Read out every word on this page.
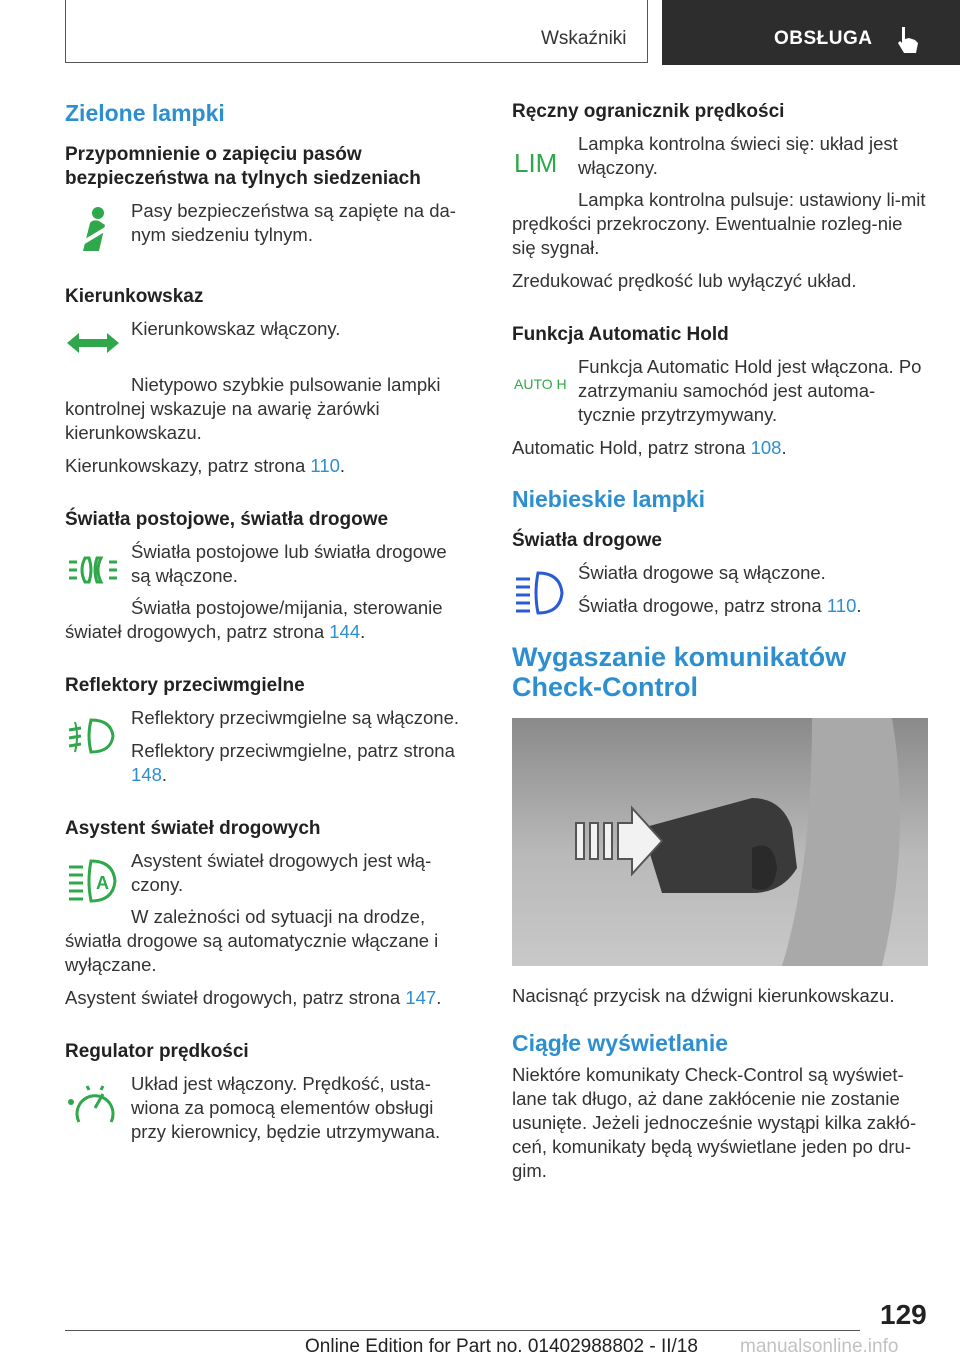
Wskaźniki	OBSŁUGA
Zielone lampki
Przypomnienie o zapięciu pasów bezpieczeństwa na tylnych siedzeniach

Pasy bezpieczeństwa są zapięte na da-nym siedzeniu tylnym.

Kierunkowskaz

Kierunkowskaz włączony.

Nietypowo szybkie pulsowanie lampki kontrolnej wskazuje na awarię żarówki kierunkowskazu.

Kierunkowskazy, patrz strona 110.

Światła postojowe, światła drogowe

Światła postojowe lub światła drogowe są włączone.

Światła postojowe/mijania, sterowanie świateł drogowych, patrz strona 144.

Reflektory przeciwmgielne

Reflektory przeciwmgielne są włączone.

Reflektory przeciwmgielne, patrz strona 148.

Asystent świateł drogowych
A

Asystent świateł drogowych jest włą-czony.

W zależności od sytuacji na drodze, światła drogowe są automatycznie włączane i wyłączane.

Asystent świateł drogowych, patrz strona 147.

Regulator prędkości

Układ jest włączony. Prędkość, usta-wiona za pomocą elementów obsługi przy kierownicy, będzie utrzymywana.

Ręczny ogranicznik prędkości
LIM

Lampka kontrolna świeci się: układ jest włączony.

Lampka kontrolna pulsuje: ustawiony li-mit prędkości przekroczony. Ewentualnie rozleg-nie się sygnał.

Zredukować prędkość lub wyłączyć układ.

Funkcja Automatic Hold
AUTO H

Funkcja Automatic Hold jest włączona. Po zatrzymaniu samochód jest automa-tycznie przytrzymywany.

Automatic Hold, patrz strona 108.

Niebieskie lampki
Światła drogowe

Światła drogowe są włączone.

Światła drogowe, patrz strona 110.

Wygaszanie komunikatów Check-Control

Nacisnąć przycisk na dźwigni kierunkowskazu.

Ciągłe wyświetlanie

Niektóre komunikaty Check-Control są wyświet-lane tak długo, aż dane zakłócenie nie zostanie usunięte. Jeżeli jednocześnie wystąpi kilka zakłó-ceń, komunikaty będą wyświetlane jeden po dru-gim.

129
Online Edition for Part no. 01402988802 - II/18 manualsonline.info
